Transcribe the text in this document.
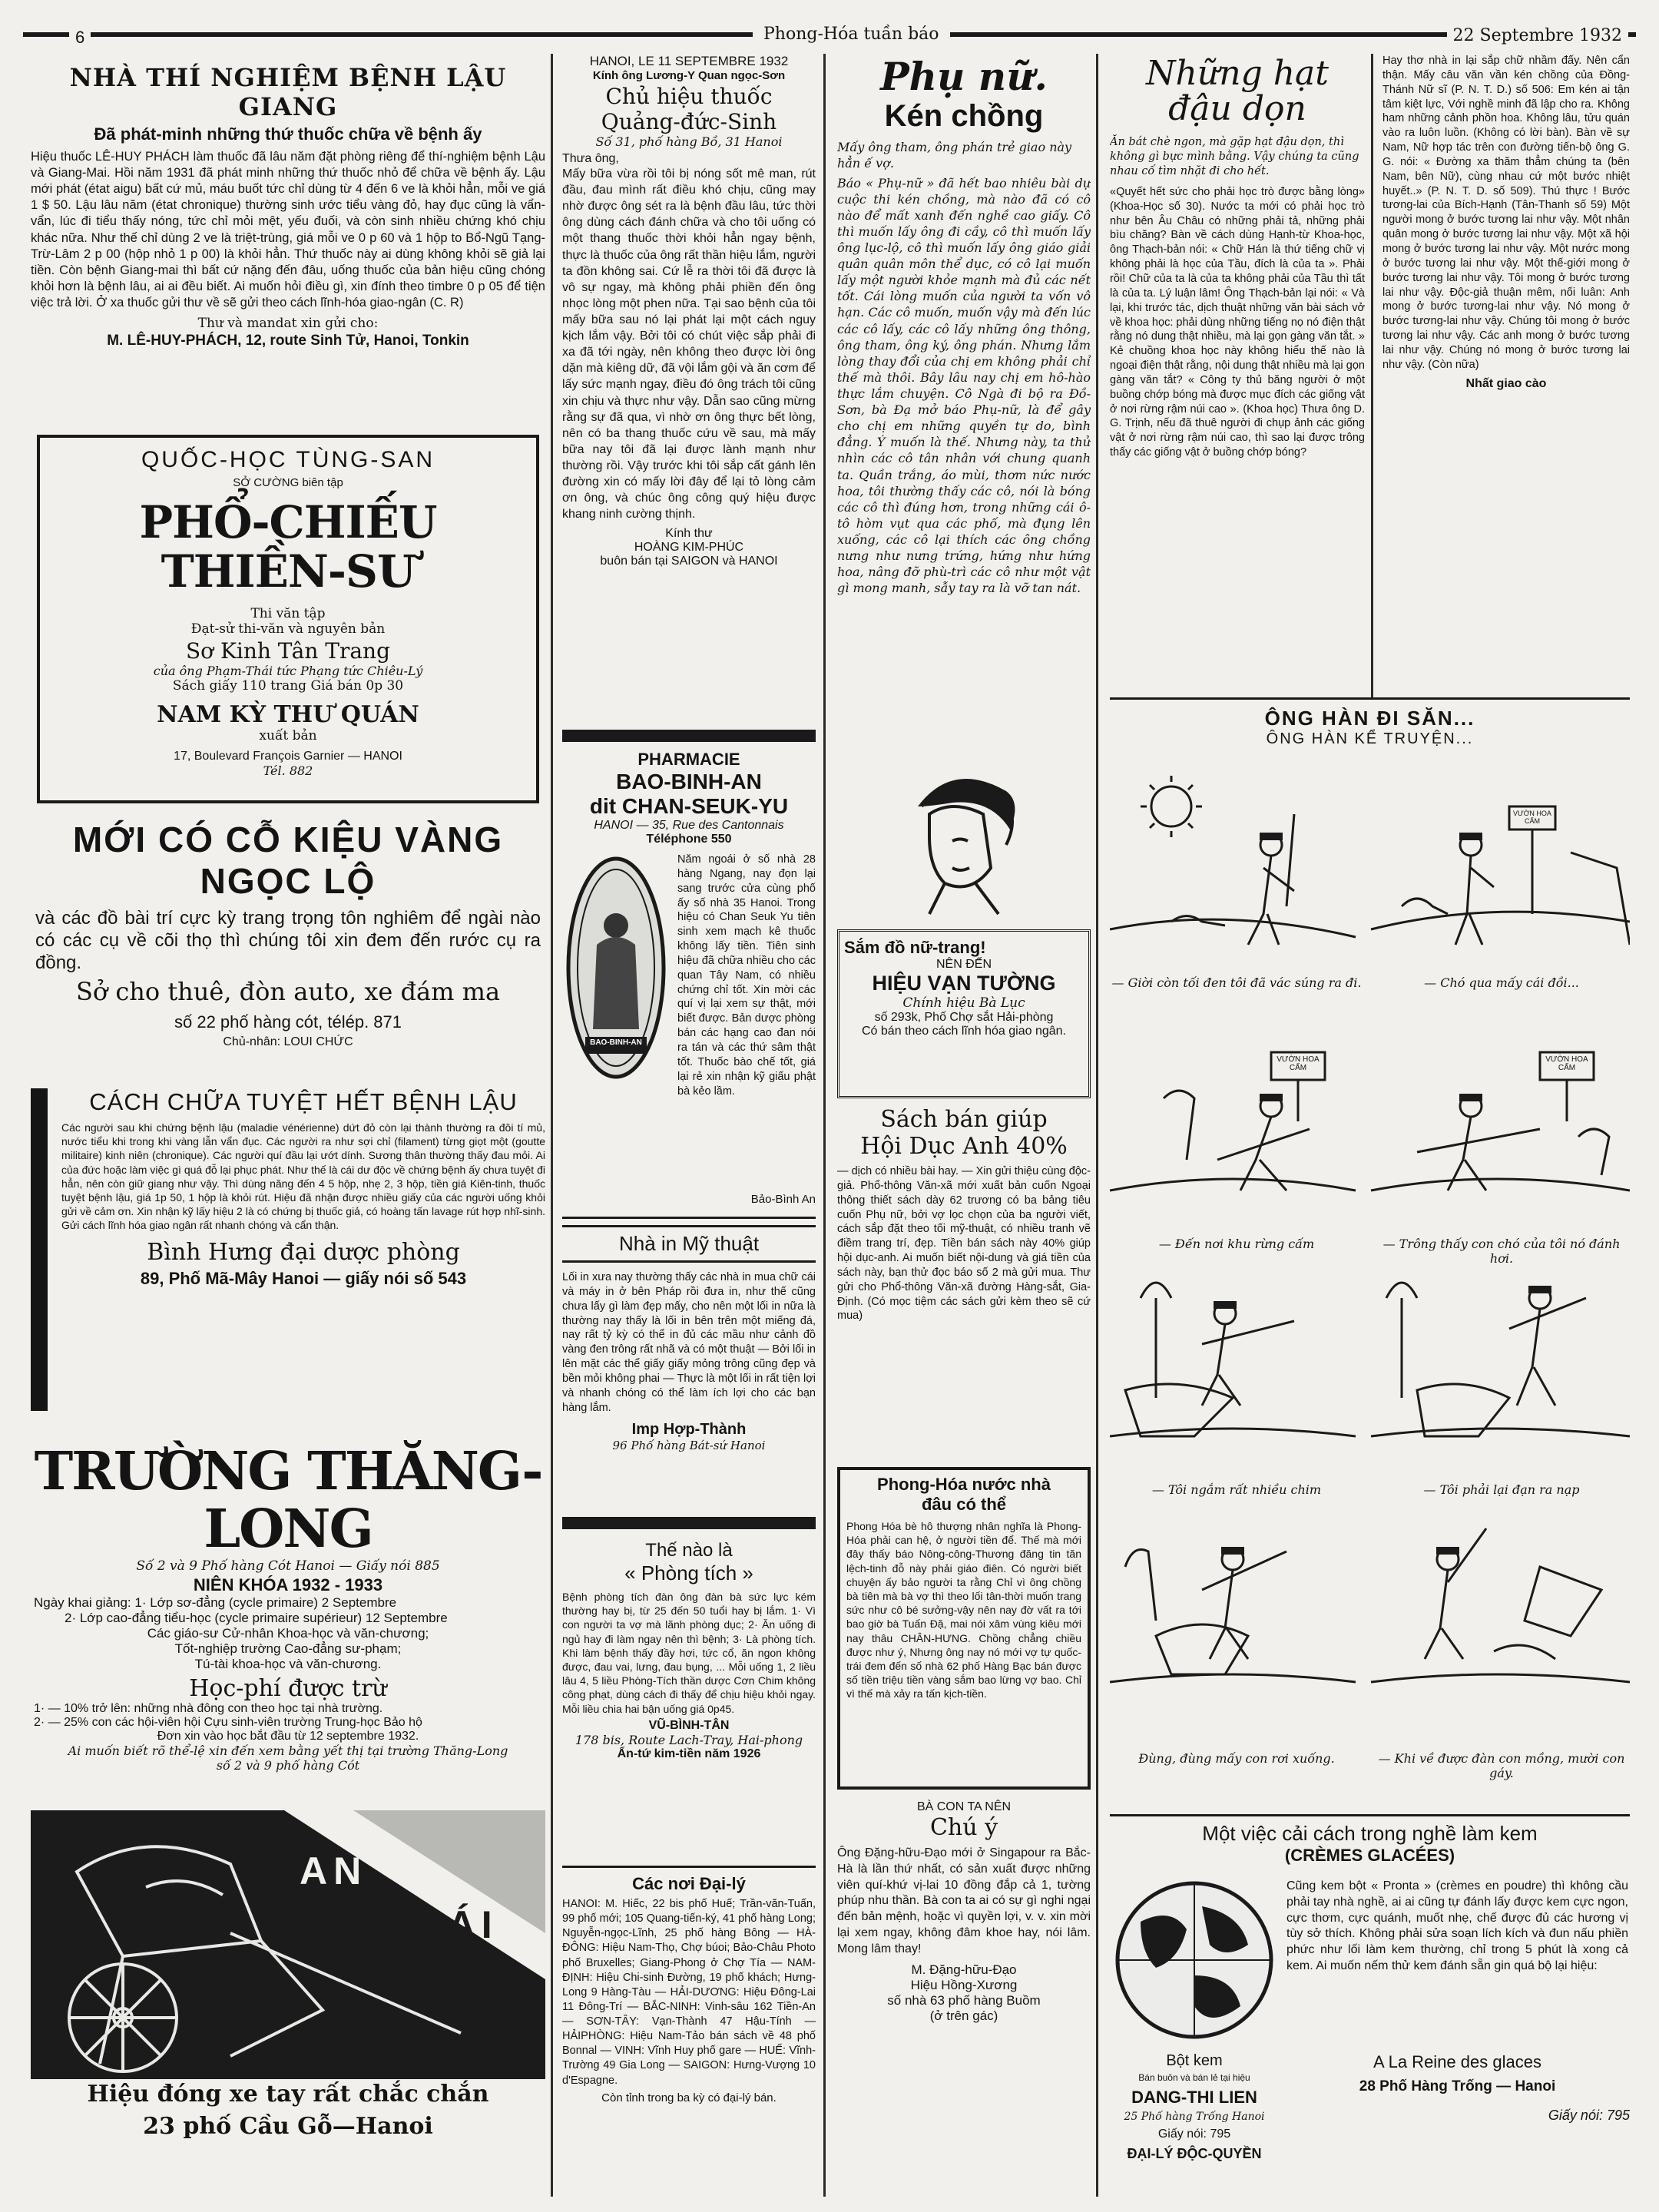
6	Phong-Hóa tuần báo	22 Septembre 1932
NHÀ THÍ NGHIỆM BỆNH LẬU GIANG
Đã phát-minh những thứ thuốc chữa về bệnh ấy

Hiệu thuốc LÊ-HUY PHÁCH làm thuốc đã lâu năm đặt phòng riêng để thí-nghiệm bệnh Lậu và Giang-Mai. Hồi năm 1931 đã phát minh những thứ thuốc nhỏ để chữa về bệnh ấy. Lậu mới phát (état aigu) bất cứ mủ, máu buốt tức chỉ dùng từ 4 đến 6 ve là khỏi hẳn, mỗi ve giá 1 $ 50. Lậu lâu năm (état chronique) thường sinh ước tiểu vàng đỏ, hay đục cũng là vẩn-vẩn, lúc đi tiểu thấy nóng, tức chỉ mỏi mệt, yếu đuối, và còn sinh nhiều chứng khó chịu khác nữa. Như thế chỉ dùng 2 ve là triệt-trùng, giá mỗi ve 0 p 60 và 1 hộp to Bổ-Ngũ Tạng-Trừ-Lâm 2 p 00 (hộp nhỏ 1 p 00) là khỏi hẳn. Thứ thuốc này ai dùng không khỏi sẽ giả lại tiền. Còn bệnh Giang-mai thì bất cứ nặng đến đâu, uống thuốc của bản hiệu cũng chóng khỏi hơn là bệnh lâu, ai ai đều biết. Ai muốn hỏi điều gì, xin đính theo timbre 0 p 05 để tiện việc trả lời. Ở xa thuốc gửi thư về sẽ gửi theo cách lĩnh-hóa giao-ngân (C. R)

Thư và mandat xin gửi cho:
M. LÊ-HUY-PHÁCH, 12, route Sinh Tử, Hanoi, Tonkin
QUỐC-HỌC TÙNG-SAN
SỞ CƯỜNG biên tập
PHỔ-CHIẾU THIỀN-SƯ
Thi văn tập
Đạt-sử thi-văn và nguyên bản
Sơ Kinh Tân Trang
của ông Phạm-Thái tức Phạng tức Chiêu-Lý
Sách giấy 110 trang Giá bán 0p 30
NAM KỲ THƯ QUÁN
xuất bản
17, Boulevard François Garnier — HANOI
Tél. 882
MỚI CÓ CỖ KIỆU VÀNG
NGỌC LỘ

và các đồ bài trí cực kỳ trang trọng tôn nghiêm để ngài nào có các cụ về cõi thọ thì chúng tôi xin đem đến rước cụ ra đồng.

Sở cho thuê, đòn auto, xe đám ma
số 22 phố hàng cót, télép. 871
Chủ-nhân: LOUI CHỨC
CÁCH CHỮA TUYỆT HẾT BỆNH LẬU

Các người sau khi chứng bệnh lậu (maladie vénérienne) dứt đỏ còn lại thành thường ra đôi tí mủ, nước tiểu khi trong khi vàng lẫn vẩn đục. Các người ra như sợi chỉ (filament) từng giọt một (goutte militaire) kinh niên (chronique). Các người quí đầu lại ướt dính. Sương thân thường thấy đau mỏi. Ai của đức hoặc làm việc gì quá đỗ lại phục phát. Như thế là cái dư độc về chứng bệnh ấy chưa tuyệt đi hẳn, nên còn giữ giang như vậy. Thì dùng năng đến 4 5 hộp, nhẹ 2, 3 hộp, tiền giá Kiên-tinh, thuốc tuyệt bệnh lậu, giá 1p 50, 1 hộp là khỏi rút. Hiệu đã nhận được nhiều giấy của các người uống khỏi gửi về cảm ơn. Xin nhận kỹ lấy hiệu 2 là có chứng bị thuốc giả, có hoàng tấn lavage rút hợp nhĩ-sinh. Gửi cách lĩnh hóa giao ngân rất nhanh chóng và cẩn thận.

Bình Hưng đại dược phòng
89, Phố Mã-Mây Hanoi — giấy nói số 543
TRƯỜNG THĂNG-LONG
Số 2 và 9 Phố hàng Cót Hanoi — Giấy nói 885
NIÊN KHÓA 1932 - 1933
Ngày khai giảng: 1· Lớp sơ-đẳng (cycle primaire) 2 Septembre
2· Lớp cao-đẳng tiểu-học (cycle primaire supérieur) 12 Septembre
Các giáo-sư Cử-nhân Khoa-học và văn-chương;
Tốt-nghiệp trường Cao-đẳng sư-phạm;
Tú-tài khoa-học và văn-chương.
Học-phí được trừ
1· — 10% trở lên: những nhà đông con theo học tại nhà trường.
2· — 25% con các hội-viên hội Cựu sinh-viên trường Trung-học Bảo hộ
Đơn xin vào học bắt đầu từ 12 septembre 1932.
Ai muốn biết rõ thể-lệ xin đến xem bằng yết thị tại trường Thăng-Long
số 2 và 9 phố hàng Cót
AN
THÁI
Hiệu đóng xe tay rất chắc chắn
23 phố Cầu Gỗ—Hanoi
HANOI, LE 11 SEPTEMBRE 1932
Kính ông Lương-Y Quan ngọc-Sơn
Chủ hiệu thuốc
Quảng-đức-Sinh
Số 31, phố hàng Bồ, 31 Hanoi
Thưa ông,

Mấy bữa vừa rồi tôi bị nóng sốt mê man, rút đầu, đau mình rất điều khó chịu, cũng may nhờ được ông sét ra là bệnh đầu lâu, tức thời ông dùng cách đánh chữa và cho tôi uống có một thang thuốc thời khỏi hẳn ngay bệnh, thực là thuốc của ông rất thần hiệu lắm, người ta đồn không sai. Cứ lễ ra thời tôi đã được là vô sự ngay, mà không phải phiền đến ông nhọc lòng một phen nữa. Tại sao bệnh của tôi mấy bữa sau nó lại phát lại một cách nguy kịch lắm vậy. Bởi tôi có chút việc sắp phải đi xa đã tới ngày, nên không theo được lời ông dặn mà kiêng dữ, đã vội lắm gội và ăn cơm để lấy sức mạnh ngay, điều đó ông trách tôi cũng xin chịu và thực như vậy. Dẫn sao cũng mừng rằng sự đã qua, vì nhờ ơn ông thực bết lòng, nên có ba thang thuốc cứu về sau, mà mấy bữa nay tôi đã lại được lành mạnh như thường rồi. Vậy trước khi tôi sắp cất gánh lên đường xin có mấy lời đây để lại tỏ lòng cảm ơn ông, và chúc ông công quý hiệu được khang ninh cường thịnh.

Kính thư
HOÀNG KIM-PHÚC
buôn bán tại SAIGON và HANOI
PHARMACIE
BAO-BINH-AN
dit CHAN-SEUK-YU
HANOI — 35, Rue des Cantonnais
Téléphone 550
BAO-BINH-AN

Năm ngoái ở số nhà 28 hàng Ngang, nay đọn lại sang trước cửa cùng phố ấy số nhà 35 Hanoi. Trong hiệu có Chan Seuk Yu tiên sinh xem mạch kê thuốc không lấy tiền. Tiên sinh hiệu đã chữa nhiều cho các quan Tây Nam, có nhiều chứng chỉ tốt. Xin mời các quí vị lại xem sự thật, mới biết được. Bản dược phòng bán các hạng cao đan nói ra tán và các thứ sâm thật tốt. Thuốc bào chế tốt, giá lại rẻ xin nhận kỹ giấu phật bà kẻo lầm.

Bảo-Bình An
Nhà in Mỹ thuật

Lối in xưa nay thường thấy các nhà in mua chữ cái và máy in ở bên Pháp rồi đưa in, như thế cũng chưa lấy gì làm đẹp mấy, cho nên một lối in nữa là thường nay thấy là lối in bên trên một miếng đá, nay rất tỷ kỳ có thể in đủ các mầu như cảnh đồ vàng đen trông rất nhã và có một thuật — Bởi lối in lên mặt các thể giấy giấy mỏng trông cũng đẹp và bền mỏi không phai — Thực là một lối in rất tiện lợi và nhanh chóng có thể làm ích lợi cho các bạn hàng lắm.

Imp Hợp-Thành
96 Phố hàng Bát-sứ Hanoi
Thế nào là
« Phòng tích »

Bệnh phòng tích đàn ông đàn bà sức lực kém thường hay bị, từ 25 đến 50 tuổi hay bị lắm. 1· Vì con người ta vợ mà lãnh phòng dục; 2· Ăn uống đi ngủ hay đi làm ngay nên thì bệnh; 3· Là phòng tích. Khi làm bệnh thấy đầy hơi, tức cổ, ăn ngon không được, đau vai, lưng, đau bụng, ... Mỗi uống 1, 2 liều lâu 4, 5 liều Phòng-Tích thần dược Cơn Chim không công phạt, dùng cách đi thấy để chịu hiệu khỏi ngay. Mỗi liều chia hai bận uống giá 0p45.

VŨ-BÌNH-TÂN
178 bis, Route Lach-Tray, Hai-phong
Ấn-tứ kim-tiền năm 1926
Các nơi Đại-lý

HANOI: M. Hiếc, 22 bis phố Huế; Trần-văn-Tuấn, 99 phố mới; 105 Quang-tiến-ký, 41 phố hàng Long; Nguyễn-ngọc-Lĩnh, 25 phố hàng Bông — HÀ-ĐÔNG: Hiệu Nam-Thọ, Chợ búoi; Bảo-Châu Photo phố Bruxelles; Giang-Phong ở Chợ Tía — NAM-ĐỊNH: Hiệu Chi-sinh Đường, 19 phố khách; Hưng-Long 9 Hàng-Tàu — HẢI-DƯƠNG: Hiệu Đông-Lai 11 Đông-Trí — BẮC-NINH: Vinh-sâu 162 Tiền-An — SƠN-TÂY: Vạn-Thành 47 Hậu-Tính — HẢIPHÒNG: Hiệu Nam-Tảo bán sách về 48 phố Bonnal — VINH: Vĩnh Huy phố gare — HUẾ: Vĩnh-Trường 49 Gia Long — SAIGON: Hưng-Vượng 10 d'Espagne.

Còn tỉnh trong ba kỳ có đại-lý bán.
Phụ nữ.
Kén chồng

Mấy ông tham, ông phán trẻ giao này hẳn ế vợ.

Báo « Phụ-nữ » đã hết bao nhiêu bài dự cuộc thi kén chồng, mà nào đã có cô nào để mất xanh đến nghề cao giấy. Cô thì muốn lấy ông đi cầy, cô thì muốn lấy ông lục-lộ, cô thì muốn lấy ông giáo giải quân quân môn thể dục, có cô lại muốn lấy một người khỏe mạnh mà đủ các nết tốt. Cái lòng muốn của người ta vốn vô hạn. Các cô muốn, muốn vậy mà đến lúc các cô lấy, các cô lấy những ông thông, ông tham, ông ký, ông phán. Nhưng lắm lòng thay đổi của chị em không phải chỉ thế mà thôi. Bây lâu nay chị em hô-hào thực lắm chuyện. Cô Ngà đi bộ ra Đồ-Sơn, bà Đạ mở báo Phụ-nữ, là để gây cho chị em những quyền tự do, bình đẳng. Ý muốn là thế. Nhưng này, ta thử nhìn các cô tân nhân với chung quanh ta. Quần trắng, áo mùi, thơm nức nước hoa, tôi thường thấy các cô, nói là bóng các cô thì đúng hơn, trong những cái ô-tô hòm vụt qua các phố, mà đụng lên xuống, các cô lại thích các ông chồng nưng như nưng trứng, hứng như hứng hoa, nâng đỡ phù-trì các cô như một vật gì mong manh, sẫy tay ra là vỡ tan nát.

Sắm đồ nữ-trang!
NÊN ĐẾN
HIỆU VẠN TƯỜNG
Chính hiệu Bà Lục
số 293k, Phố Chợ sắt Hải-phòng
Có bán theo cách lĩnh hóa giao ngân.
Sách bán giúp
Hội Dục Anh 40%

— dịch có nhiều bài hay. — Xin gửi thiệu cùng độc-giả. Phổ-thông Văn-xã mới xuất bản cuốn Ngoại thông thiết sách dày 62 trương có ba bảng tiêu cuốn Phụ nữ, bởi vợ lọc chọn của ba người viết, cách sắp đặt theo tối mỹ-thuật, có nhiều tranh vẽ điềm trang trí, đẹp. Tiền bán sách này 40% giúp hội dục-anh. Ai muốn biết nội-dung và giá tiền của sách này, bạn thử đọc báo số 2 mà gửi mua. Thư gửi cho Phổ-thông Văn-xã đường Hàng-sắt, Gia-Định. (Có mọc tiệm các sách gửi kèm theo sẽ cứ mua)

Phong-Hóa nước nhà
đâu có thể

Phong Hóa bè hô thượng nhân nghĩa là Phong-Hóa phải can hệ, ở người tiền để. Thế mà mới đây thấy báo Nông-công-Thương đăng tin tăn lệch-tinh đỗ này phải giáo điên. Có người biết chuyện ấy bảo người ta rằng Chỉ vì ông chồng bà tiên mà bà vợ thì theo lối tân-thời muốn trang sức như cô bé sưởng-vậy nên nay đờ vất ra tới bao giờ bà Tuấn Đặ, mai nói xâm vùng kiêu mới nay thâu CHÂN-HƯNG. Chồng chẳng chiều được như ý, Nhưng ông nay nó mới vợ tự quốc-trái đem đến số nhà 62 phố Hàng Bạc bán được số tiền triệu tiền vàng sắm bao lừng vợ bao. Chỉ vì thế mà xảy ra tấn kịch-tiền.

BÀ CON TA NÊN
Chú ý

Ông Đặng-hữu-Đạo mới ở Singapour ra Bắc-Hà là lần thứ nhất, có sản xuất được những viên quí-khứ vị-lai 10 đồng đắp cả 1, tường phúp nhu thần. Bà con ta ai có sự gì nghi ngại đến bản mệnh, hoặc vì quyền lợi, v. v. xin mời lại xem ngay, không đâm khoe hay, nói lâm. Mong lâm thay!

M. Đặng-hữu-Đạo
Hiệu Hồng-Xương
số nhà 63 phố hàng Buồm
(ở trên gác)
Những hạt
đậu dọn

Ăn bát chè ngon, mà gặp hạt đậu dọn, thì không gì bực mình bằng. Vậy chúng ta cũng nhau cố tìm nhặt đi cho hết.

«Quyết hết sức cho phải học trò được bằng lòng» (Khoa-Học số 30). Nước ta mới có phải học trò như bên Âu Châu có những phải tả, những phải bìu chăng? Bàn về cách dùng Hạnh-từ Khoa-học, ông Thạch-bản nói: « Chữ Hán là thứ tiếng chữ vị không phải là học của Tầu, đích là của ta ». Phải rồi! Chữ của ta là của ta không phải của Tầu thì tất là của ta. Lý luận lâm! Ông Thạch-bản lại nói: « Và lại, khi trước tác, dịch thuật những văn bài sách vở về khoa học: phải dùng những tiếng nọ nó điện thật rằng nó dung thật nhiều, mà lại gọn gàng văn tắt. » Kẻ chuồng khoa học này không hiểu thế nào là ngoại điện thật rằng, nội dung thật nhiều mà lại gọn gàng văn tắt? « Công ty thủ băng người ở một buồng chớp bóng mà được mục đích các giống vật ở nơi rừng rậm núi cao ». (Khoa học) Thưa ông D. G. Trịnh, nếu đã thuê người đi chụp ảnh các giống vật ở nơi rừng rậm núi cao, thì sao lại được trông thấy các giống vật ở buồng chớp bóng?

Hay thơ nhà in lại sắp chữ nhầm đấy. Nên cẩn thận. Mấy câu văn vần kén chồng của Đồng-Thánh Nữ sĩ (P. N. T. D.) số 506: Em kén ai tận tâm kiệt lực, Với nghề minh đã lập cho ra. Không ham những cảnh phồn hoa. Không lâu, tửu quán vào ra luôn luồn. (Không có lời bàn). Bàn về sự Nam, Nữ hợp tác trên con đường tiến-bộ ông G. G. nói: « Đường xa thăm thẳm chúng ta (bên Nam, bên Nữ), cùng nhau cứ một bước nhiệt huyết..» (P. N. T. D. số 509). Thú thực ! Bước tương-lai của Bích-Hạnh (Tân-Thanh số 59) Một người mong ở bước tương lai như vậy. Một nhân quân mong ở bước tương lai như vậy. Một xã hội mong ở bước tương lai như vậy. Một nước mong ở bước tương lai như vậy. Một thế-giới mong ở bước tương lai như vậy. Tôi mong ở bước tương lai như vậy. Độc-giả thuận mêm, nối luân: Anh mong ở bước tương-lai như vậy. Nó mong ở bước tương-lai như vậy. Chúng tôi mong ở bước tương lai như vậy. Các anh mong ở bước tương lai như vậy. Chúng nó mong ở bước tương lai như vậy. (Còn nữa)

Nhất giao cào
ÔNG HÀN ĐI SĂN...
ÔNG HÀN KỂ TRUYỆN...
VƯỜN HOA CẤM
VƯỜN HOA CẤM
VƯỜN HOA CẤM
— Giời còn tối đen tôi đã vác súng ra đi.	— Chó qua mấy cái đồi...
— Đến nơi khu rừng cấm	— Trông thấy con chó của tôi nó đánh hơi.
— Tôi ngắm rất nhiều chim	— Tôi phải lại đạn ra nạp
Đùng, đùng mấy con rơi xuống.	— Khi về được đàn con mồng, mười con gáy.
Một việc cải cách trong nghề làm kem
(CRÈMES GLACÉES)

Cũng kem bột « Pronta » (crèmes en poudre) thì không cầu phải tay nhà nghề, ai ai cũng tự đánh lấy được kem cực ngon, cực thơm, cực quánh, muốt nhẹ, chế được đủ các hương vị tùy sở thích. Không phải sửa soạn lích kích và đun nấu phiền phức như lối làm kem thường, chỉ trong 5 phút là xong cả kem. Ai muốn nếm thử kem đánh sẵn gin quá bộ lại hiệu:

Bột kem
Bán buôn và bán lẻ tại hiệu
DANG-THI LIEN
25 Phố hàng Trống Hanoi
Giấy nói: 795
ĐẠI-LÝ ĐỘC-QUYỀN
A La Reine des glaces
28 Phố Hàng Trống — Hanoi
Giấy nói: 795
